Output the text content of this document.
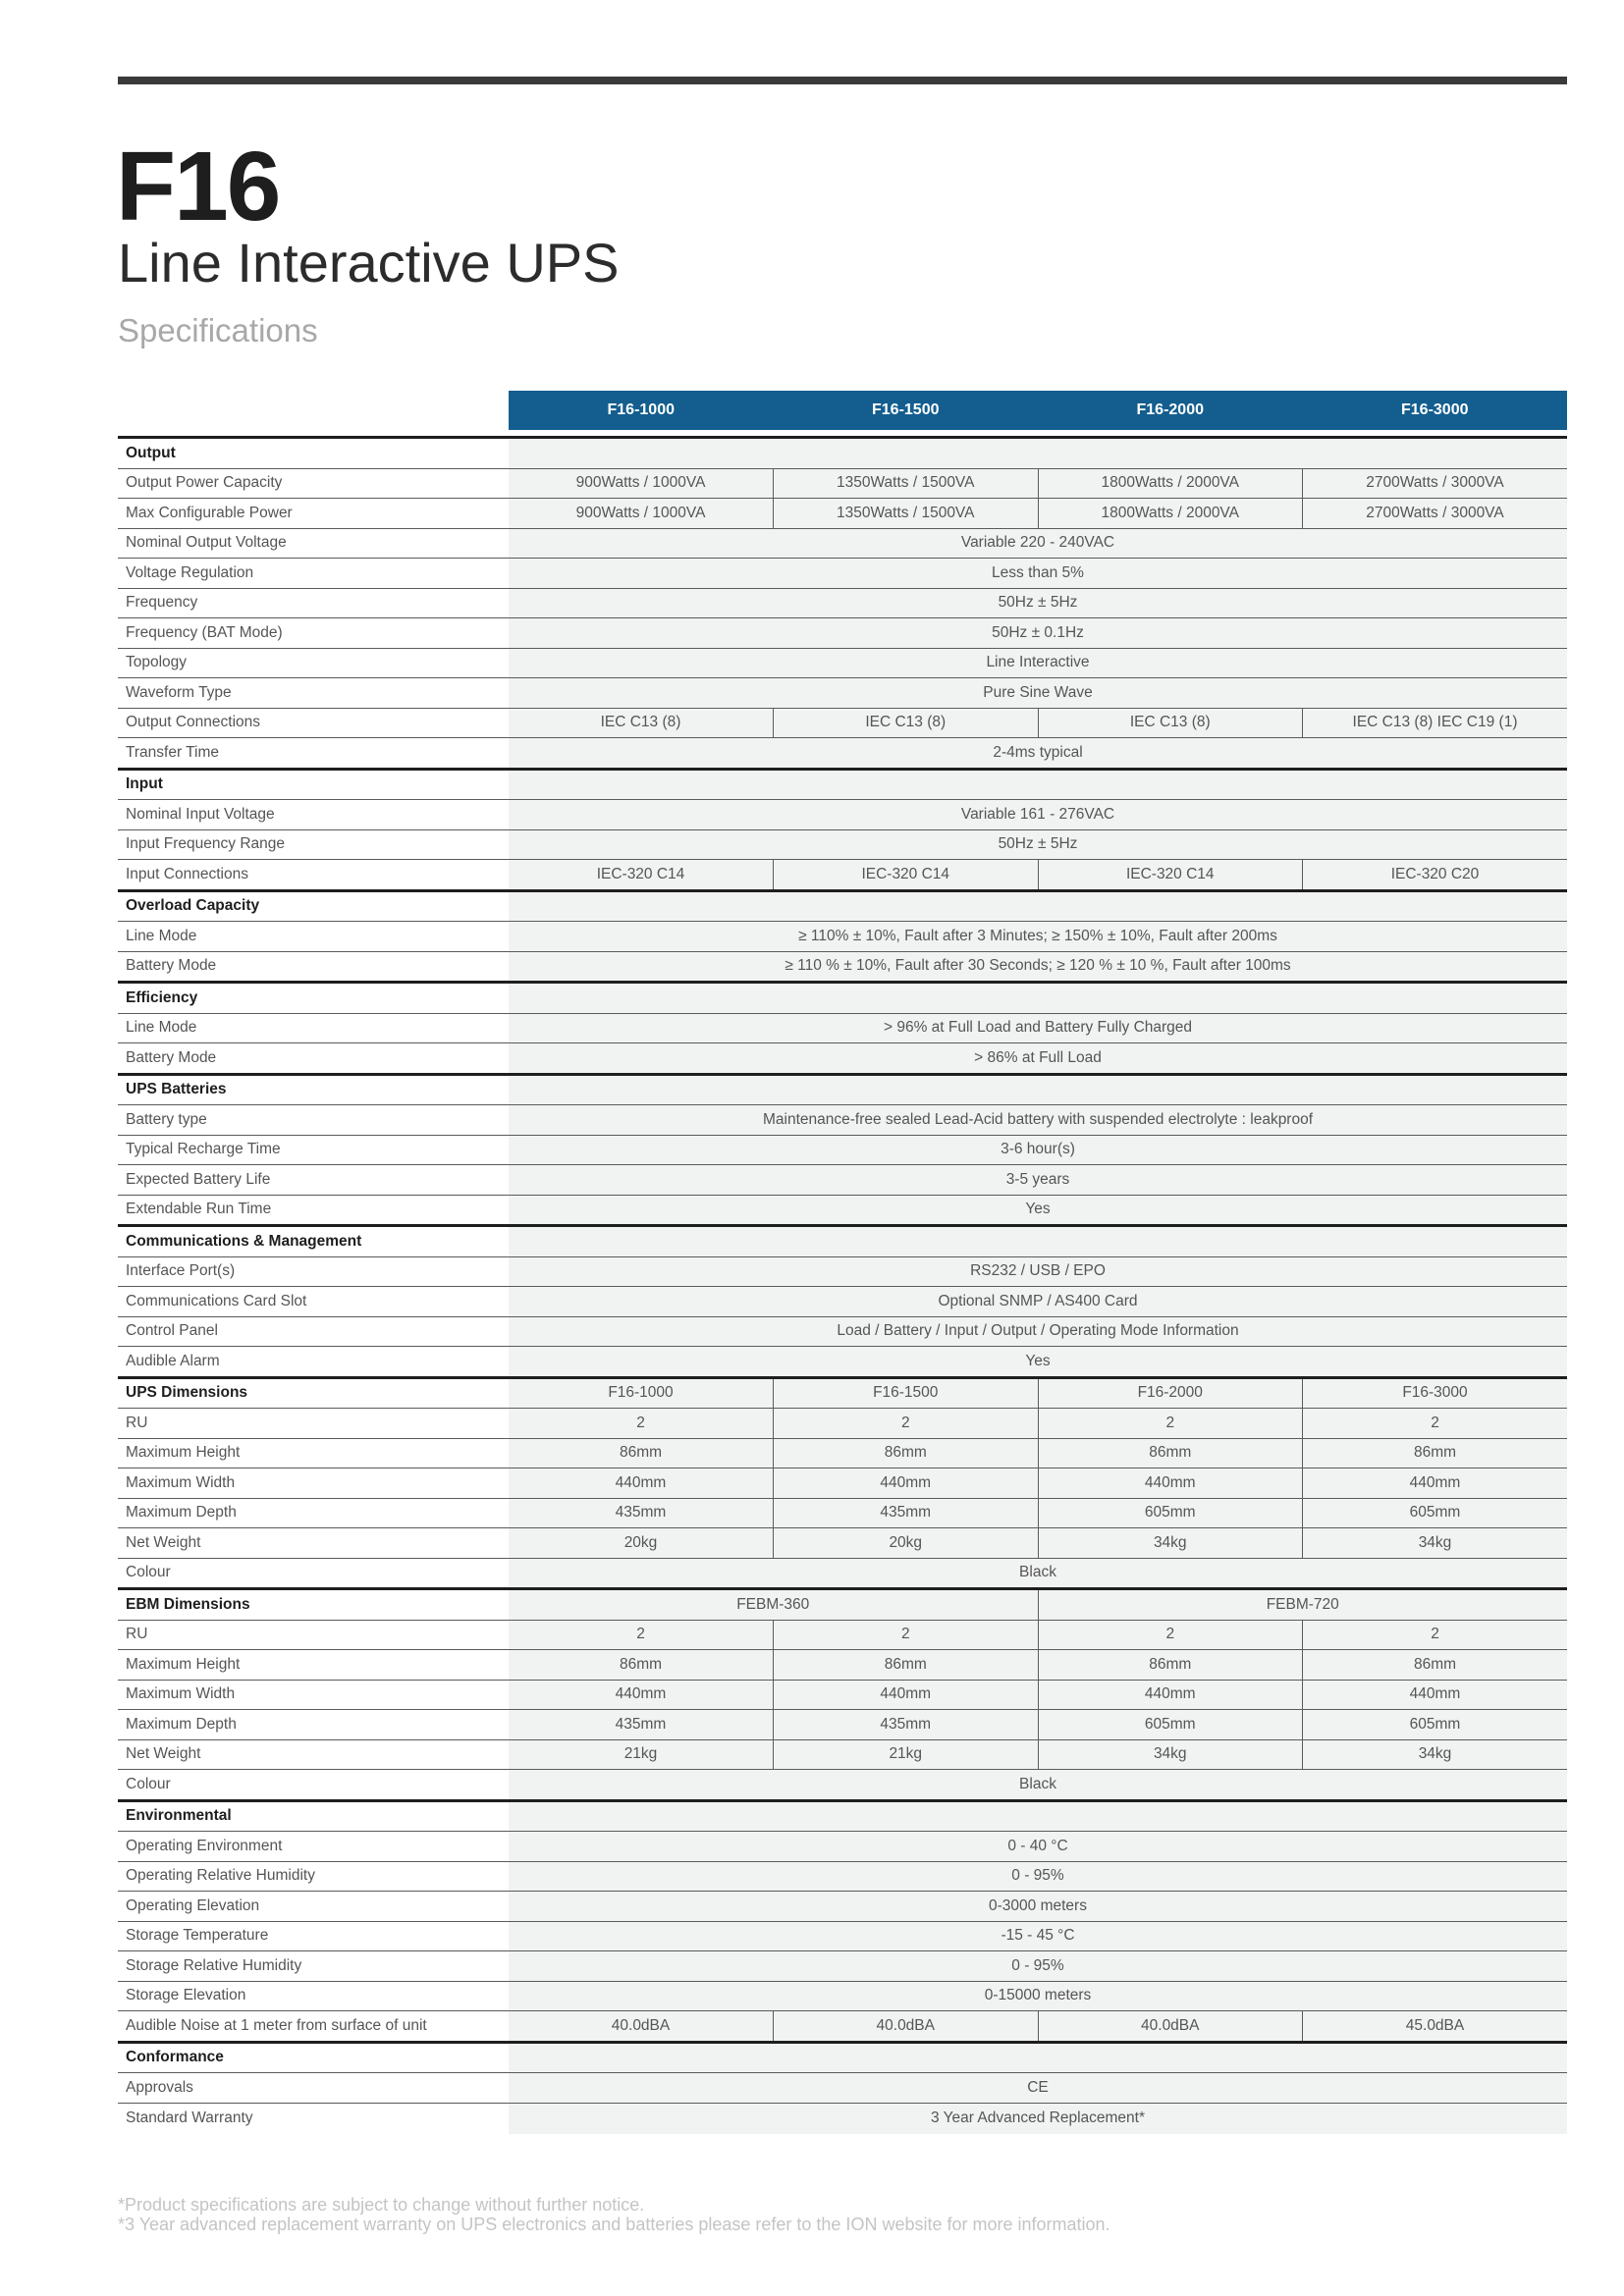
F16
Line Interactive UPS
Specifications
	F16-1000	F16-1500	F16-2000	F16-3000

Output				
Output Power Capacity	900Watts / 1000VA	1350Watts / 1500VA	1800Watts / 2000VA	2700Watts / 3000VA
Max Configurable Power	900Watts / 1000VA	1350Watts / 1500VA	1800Watts / 2000VA	2700Watts / 3000VA
Nominal Output Voltage	Variable 220 - 240VAC			
Voltage Regulation	Less than 5%			
Frequency	50Hz ± 5Hz			
Frequency (BAT Mode)	50Hz ± 0.1Hz			
Topology	Line Interactive			
Waveform Type	Pure Sine Wave			
Output Connections	IEC C13 (8)	IEC C13 (8)	IEC C13 (8)	IEC C13 (8) IEC C19 (1)
Transfer Time	2-4ms typical			
Input				
Nominal Input Voltage	Variable 161 - 276VAC			
Input Frequency Range	50Hz ± 5Hz			
Input Connections	IEC-320 C14	IEC-320 C14	IEC-320 C14	IEC-320 C20
Overload Capacity				
Line Mode	≥ 110% ± 10%, Fault after 3 Minutes; ≥ 150% ± 10%, Fault after 200ms			
Battery Mode	≥ 110 % ± 10%, Fault after 30 Seconds; ≥ 120 % ± 10 %, Fault after 100ms			
Efficiency				
Line Mode	> 96% at Full Load and Battery Fully Charged			
Battery Mode	> 86% at Full Load			
UPS Batteries				
Battery type	Maintenance-free sealed Lead-Acid battery with suspended electrolyte : leakproof			
Typical Recharge Time	3-6 hour(s)			
Expected Battery Life	3-5 years			
Extendable Run Time	Yes			
Communications & Management				
Interface Port(s)	RS232 / USB / EPO			
Communications Card Slot	Optional SNMP / AS400 Card			
Control Panel	Load / Battery / Input / Output / Operating Mode Information			
Audible Alarm	Yes			
UPS Dimensions	F16-1000	F16-1500	F16-2000	F16-3000
RU	2	2	2	2
Maximum Height	86mm	86mm	86mm	86mm
Maximum Width	440mm	440mm	440mm	440mm
Maximum Depth	435mm	435mm	605mm	605mm
Net Weight	20kg	20kg	34kg	34kg
Colour	Black			
EBM Dimensions	FEBM-360		FEBM-720	
RU	2	2	2	2
Maximum Height	86mm	86mm	86mm	86mm
Maximum Width	440mm	440mm	440mm	440mm
Maximum Depth	435mm	435mm	605mm	605mm
Net Weight	21kg	21kg	34kg	34kg
Colour	Black			
Environmental				
Operating Environment	0 - 40 °C			
Operating Relative Humidity	0 - 95%			
Operating Elevation	0-3000 meters			
Storage Temperature	-15 - 45 °C			
Storage Relative Humidity	0 - 95%			
Storage Elevation	0-15000 meters			
Audible Noise at 1 meter from surface of unit	40.0dBA	40.0dBA	40.0dBA	45.0dBA
Conformance				
Approvals	CE			
Standard Warranty	3 Year Advanced Replacement*			
*Product specifications are subject to change without further notice.
*3 Year advanced replacement warranty on UPS electronics and batteries please refer to the ION website for more information.
